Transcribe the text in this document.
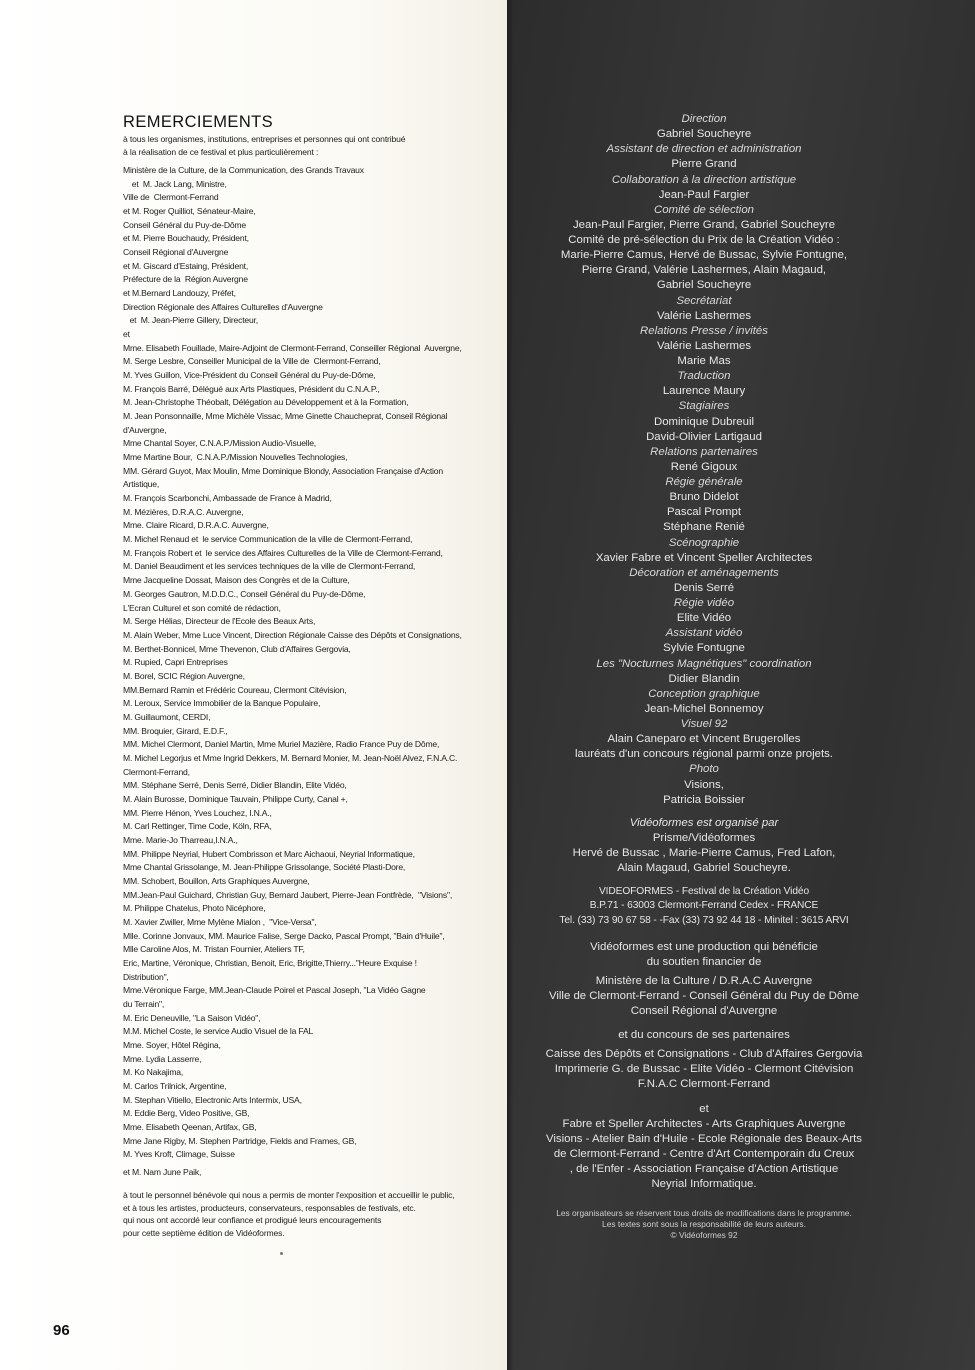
REMERCIEMENTS
à tous les organismes, institutions, entreprises et personnes qui ont contribué
à la réalisation de ce festival et plus particulièrement :
Ministère de la Culture, de la Communication, des Grands Travaux
et  M. Jack Lang, Ministre,
Ville de  Clermont-Ferrand
et M. Roger Quilliot, Sénateur-Maire,
Conseil Général du Puy-de-Dôme
et M. Pierre Bouchaudy, Président,
Conseil Régional d'Auvergne
et M. Giscard d'Estaing, Président,
Préfecture de la  Région Auvergne
et M.Bernard Landouzy, Préfet,
Direction Régionale des Affaires Culturelles d'Auvergne
et  M. Jean-Pierre Gillery, Directeur,
et
Mme. Elisabeth Fouillade, Maire-Adjoint de Clermont-Ferrand, Conseiller Régional  Auvergne,
M. Serge Lesbre, Conseiller Municipal de la Ville de  Clermont-Ferrand,
M. Yves Guillon, Vice-Président du Conseil Général du Puy-de-Dôme,
M. François Barré, Délégué aux Arts Plastiques, Président du C.N.A.P.,
M. Jean-Christophe Théobalt, Délégation au Développement et à la Formation,
M. Jean Ponsonnaille, Mme Michèle Vissac, Mme Ginette Chaucheprat, Conseil Régional
d'Auvergne,
Mme Chantal Soyer, C.N.A.P./Mission Audio-Visuelle,
Mme Martine Bour,  C.N.A.P./Mission Nouvelles Technologies,
MM. Gérard Guyot, Max Moulin, Mme Dominique Blondy, Association Française d'Action
Artistique,
M. François Scarbonchi, Ambassade de France à Madrid,
M. Mézières, D.R.A.C. Auvergne,
Mme. Claire Ricard, D.R.A.C. Auvergne,
M. Michel Renaud et  le service Communication de la ville de Clermont-Ferrand,
M. François Robert et  le service des Affaires Culturelles de la Ville de Clermont-Ferrand,
M. Daniel Beaudiment et les services techniques de la ville de Clermont-Ferrand,
Mme Jacqueline Dossat, Maison des Congrès et de la Culture,
M. Georges Gautron, M.D.D.C., Conseil Général du Puy-de-Dôme,
L'Ecran Culturel et son comité de rédaction,
M. Serge Hélias, Directeur de l'Ecole des Beaux Arts,
M. Alain Weber, Mme Luce Vincent, Direction Régionale Caisse des Dépôts et Consignations,
M. Berthet-Bonnicel, Mme Thevenon, Club d'Affaires Gergovia,
M. Rupied, Capri Entreprises
M. Borel, SCIC Région Auvergne,
MM.Bernard Ramin et Frédéric Coureau, Clermont Citévision,
M. Leroux, Service Immobilier de la Banque Populaire,
M. Guillaumont, CERDI,
MM. Broquier, Girard, E.D.F.,
MM. Michel Clermont, Daniel Martin, Mme Muriel Mazière, Radio France Puy de Dôme,
M. Michel Legorjus et Mme Ingrid Dekkers, M. Bernard Monier, M. Jean-Noël Alvez, F.N.A.C.
Clermont-Ferrand,
MM. Stéphane Serré, Denis Serré, Didier Blandin, Elite Vidéo,
M. Alain Burosse, Dominique Tauvain, Philippe Curty, Canal +,
MM. Pierre Hénon, Yves Louchez, I.N.A.,
M. Carl Rettinger, Time Code, Köln, RFA,
Mme. Marie-Jo Tharreau,I.N.A.,
MM. Philippe Neyrial, Hubert Combrisson et Marc Aichaoui, Neyrial Informatique,
Mme Chantal Grissolange, M. Jean-Philippe Grissolange, Société Plasti-Dore,
MM. Schobert, Bouillon, Arts Graphiques Auvergne,
MM.Jean-Paul Guichard, Christian Guy, Bernard Jaubert, Pierre-Jean Fontfrède,  "Visions",
M. Philippe Chatelus, Photo Nicéphore,
M. Xavier Zwiller, Mme Mylène Mialon ,  "Vice-Versa",
Mlle. Corinne Jonvaux, MM. Maurice Falise, Serge Dacko, Pascal Prompt, "Bain d'Huile",
Mlle Caroline Alos, M. Tristan Fournier, Ateliers TF,
Eric, Martine, Véronique, Christian, Benoit, Eric, Brigitte,Thierry..."Heure Exquise !
Distribution",
Mme.Véronique Farge, MM.Jean-Claude Poirel et Pascal Joseph, "La Vidéo Gagne
du Terrain",
M. Eric Deneuville, "La Saison Vidéo",
M.M. Michel Coste, le service Audio Visuel de la FAL
Mme. Soyer, Hôtel Régina,
Mme. Lydia Lasserre,
M. Ko Nakajima,
M. Carlos Trilnick, Argentine,
M. Stephan Vitiello, Electronic Arts Intermix, USA,
M. Eddie Berg, Video Positive, GB,
Mme. Elisabeth Qeenan, Artifax, GB,
Mme Jane Rigby, M. Stephen Partridge, Fields and Frames, GB,
M. Yves Kroft, Climage, Suisse
et M. Nam June Paik,
à tout le personnel bénévole qui nous a permis de monter l'exposition et accueillir le public,
et à tous les artistes, producteurs, conservateurs, responsables de festivals, etc.
qui nous ont accordé leur confiance et prodigué leurs encouragements
pour cette septième édition de Vidéoformes.
96
Direction
Gabriel Soucheyre
Assistant de direction et administration
Pierre Grand
Collaboration à la direction artistique
Jean-Paul Fargier
Comité de sélection
Jean-Paul Fargier, Pierre Grand, Gabriel Soucheyre
Comité de pré-sélection du Prix de la Création Vidéo :
Marie-Pierre Camus, Hervé de Bussac, Sylvie Fontugne,
Pierre Grand, Valérie Lashermes, Alain Magaud,
Gabriel Soucheyre
Secrétariat
Valérie Lashermes
Relations Presse / invités
Valérie Lashermes
Marie Mas
Traduction
Laurence Maury
Stagiaires
Dominique Dubreuil
David-Olivier Lartigaud
Relations partenaires
René Gigoux
Régie générale
Bruno Didelot
Pascal Prompt
Stéphane Renié
Scénographie
Xavier Fabre et Vincent Speller Architectes
Décoration et aménagements
Denis Serré
Régie vidéo
Elite Vidéo
Assistant vidéo
Sylvie Fontugne
Les "Nocturnes Magnétiques" coordination
Didier Blandin
Conception graphique
Jean-Michel Bonnemoy
Visuel 92
Alain Caneparo et Vincent Brugerolles
lauréats d'un concours régional parmi onze projets.
Photo
Visions,
Patricia Boissier
Vidéoformes est organisé par
Prisme/Vidéoformes
Hervé de Bussac , Marie-Pierre Camus, Fred Lafon,
Alain Magaud, Gabriel Soucheyre.
VIDEOFORMES - Festival de la Création Vidéo
B.P.71 - 63003 Clermont-Ferrand Cedex - FRANCE
Tel. (33) 73 90 67 58 - -Fax (33) 73 92 44 18 - Minitel : 3615 ARVI
Vidéoformes est une production qui bénéficie
du soutien financier de
Ministère de la Culture / D.R.A.C Auvergne
Ville de Clermont-Ferrand - Conseil Général du Puy de Dôme
Conseil Régional d'Auvergne
et du concours de ses partenaires
Caisse des Dépôts et Consignations - Club d'Affaires Gergovia
Imprimerie G. de Bussac - Elite Vidéo - Clermont Citévision
F.N.A.C Clermont-Ferrand
et
Fabre et Speller Architectes - Arts Graphiques Auvergne
Visions - Atelier Bain d'Huile - Ecole Régionale des Beaux-Arts
de Clermont-Ferrand - Centre d'Art Contemporain du Creux
, de l'Enfer - Association Française d'Action Artistique
Neyrial Informatique.
Les organisateurs se réservent tous droits de modifications dans le programme.
Les textes sont sous la responsabilité de leurs auteurs.
© Vidéoformes 92
